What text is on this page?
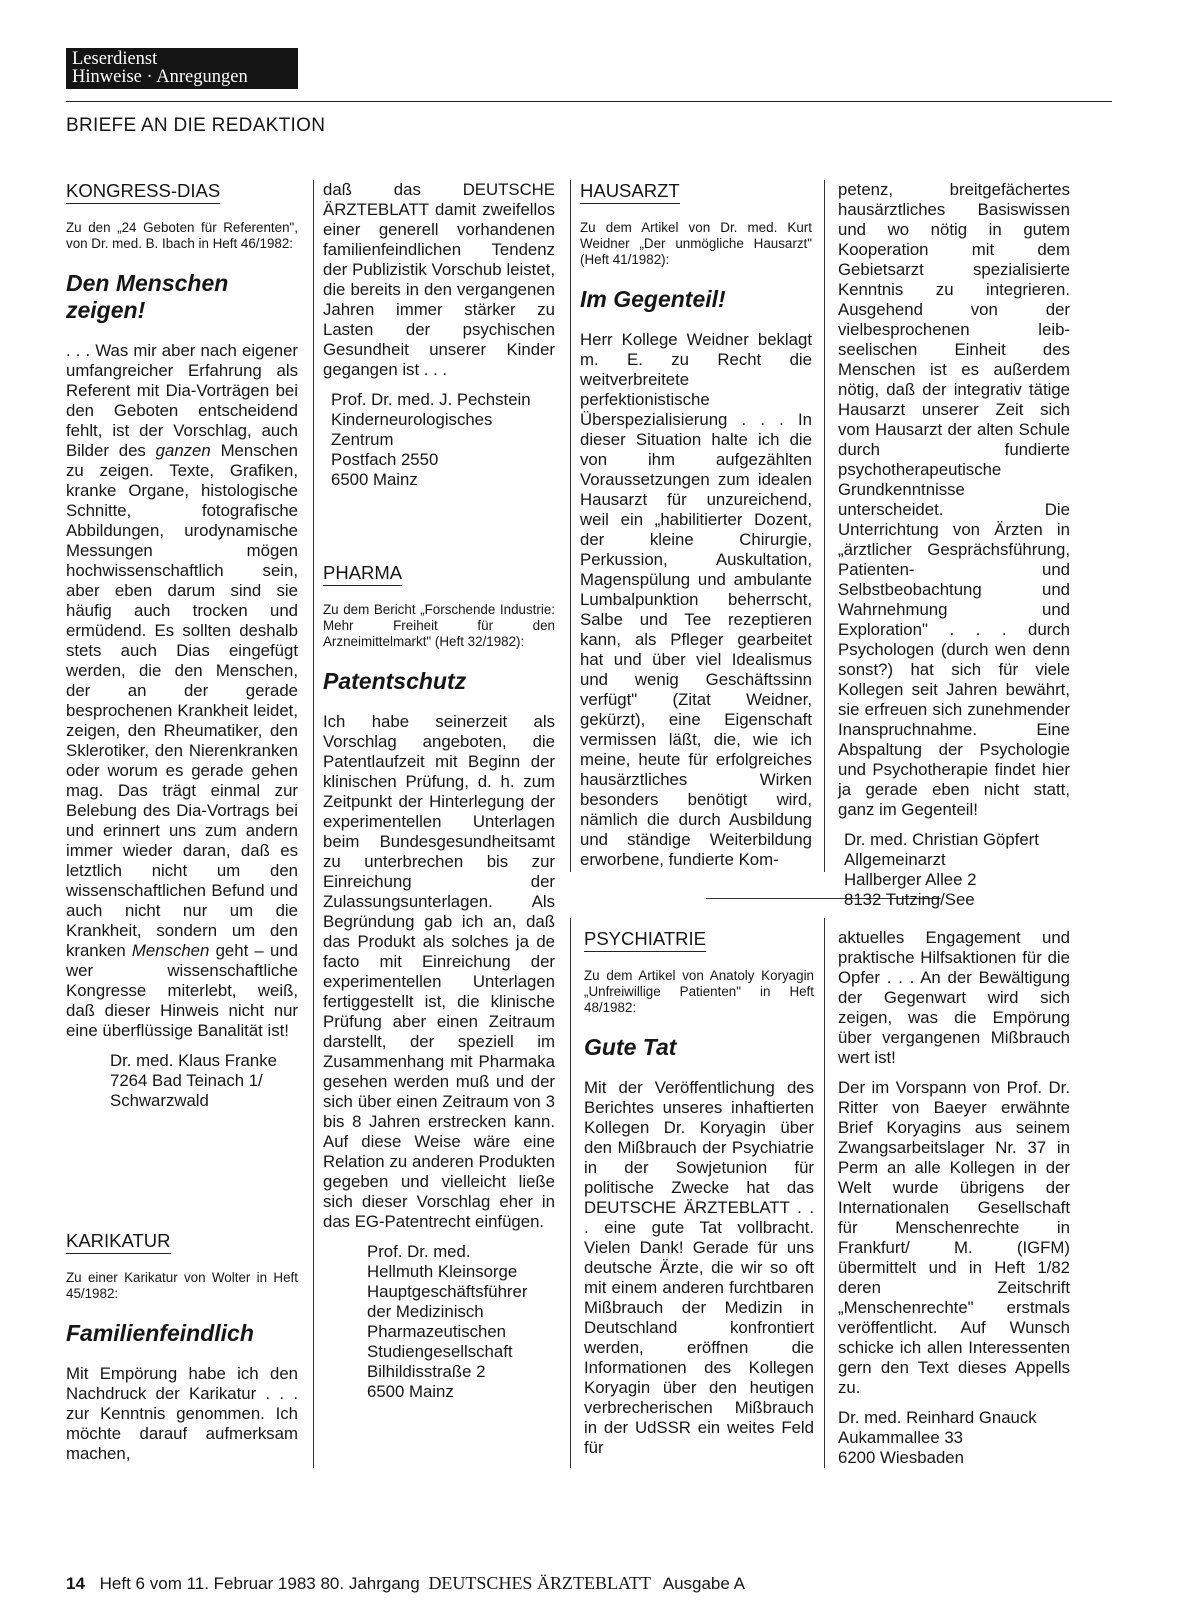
Leserdienst
Hinweise · Anregungen
BRIEFE AN DIE REDAKTION
KONGRESS-DIAS

Zu den „24 Geboten für Referenten", von Dr. med. B. Ibach in Heft 46/1982:

Den Menschen zeigen!

. . . Was mir aber nach eigener umfangreicher Erfahrung als Referent mit Dia-Vorträgen bei den Geboten entscheidend fehlt, ist der Vorschlag, auch Bilder des ganzen Menschen zu zeigen. Texte, Grafiken, kranke Organe, histologische Schnitte, fotografische Abbildungen, urodynamische Messungen mögen hochwissenschaftlich sein, aber eben darum sind sie häufig auch trocken und ermüdend. Es sollten deshalb stets auch Dias eingefügt werden, die den Menschen, der an der gerade besprochenen Krankheit leidet, zeigen, den Rheumatiker, den Sklerotiker, den Nierenkranken oder worum es gerade gehen mag. Das trägt einmal zur Belebung des Dia-Vortrags bei und erinnert uns zum andern immer wieder daran, daß es letztlich nicht um den wissenschaftlichen Befund und auch nicht nur um die Krankheit, sondern um den kranken Menschen geht – und wer wissenschaftliche Kongresse miterlebt, weiß, daß dieser Hinweis nicht nur eine überflüssige Banalität ist!

Dr. med. Klaus Franke
7264 Bad Teinach 1/
Schwarzwald
KARIKATUR

Zu einer Karikatur von Wolter in Heft 45/1982:

Familienfeindlich

Mit Empörung habe ich den Nachdruck der Karikatur . . . zur Kenntnis genommen. Ich möchte darauf aufmerksam machen,

daß das DEUTSCHE ÄRZTEBLATT damit zweifellos einer generell vorhandenen familienfeindlichen Tendenz der Publizistik Vorschub leistet, die bereits in den vergangenen Jahren immer stärker zu Lasten der psychischen Gesundheit unserer Kinder gegangen ist . . .

Prof. Dr. med. J. Pechstein
Kinderneurologisches
Zentrum
Postfach 2550
6500 Mainz
PHARMA

Zu dem Bericht „Forschende Industrie: Mehr Freiheit für den Arzneimittelmarkt" (Heft 32/1982):

Patentschutz

Ich habe seinerzeit als Vorschlag angeboten, die Patentlaufzeit mit Beginn der klinischen Prüfung, d. h. zum Zeitpunkt der Hinterlegung der experimentellen Unterlagen beim Bundesgesundheitsamt zu unterbrechen bis zur Einreichung der Zulassungsunterlagen. Als Begründung gab ich an, daß das Produkt als solches ja de facto mit Einreichung der experimentellen Unterlagen fertiggestellt ist, die klinische Prüfung aber einen Zeitraum darstellt, der speziell im Zusammenhang mit Pharmaka gesehen werden muß und der sich über einen Zeitraum von 3 bis 8 Jahren erstrecken kann. Auf diese Weise wäre eine Relation zu anderen Produkten gegeben und vielleicht ließe sich dieser Vorschlag eher in das EG-Patentrecht einfügen.

Prof. Dr. med.
Hellmuth Kleinsorge
Hauptgeschäftsführer
der Medizinisch
Pharmazeutischen
Studiengesellschaft
Bilhildisstraße 2
6500 Mainz
HAUSARZT

Zu dem Artikel von Dr. med. Kurt Weidner „Der unmögliche Hausarzt" (Heft 41/1982):

Im Gegenteil!

Herr Kollege Weidner beklagt m. E. zu Recht die weitverbreitete perfektionistische Überspezialisierung . . . In dieser Situation halte ich die von ihm aufgezählten Voraussetzungen zum idealen Hausarzt für unzureichend, weil ein „habilitierter Dozent, der kleine Chirurgie, Perkussion, Auskultation, Magenspülung und ambulante Lumbalpunktion beherrscht, Salbe und Tee rezeptieren kann, als Pfleger gearbeitet hat und über viel Idealismus und wenig Geschäftssinn verfügt" (Zitat Weidner, gekürzt), eine Eigenschaft vermissen läßt, die, wie ich meine, heute für erfolgreiches hausärztliches Wirken besonders benötigt wird, nämlich die durch Ausbildung und ständige Weiterbildung erworbene, fundierte Kom-

petenz, breitgefächertes hausärztliches Basiswissen und wo nötig in gutem Kooperation mit dem Gebietsarzt spezialisierte Kenntnis zu integrieren. Ausgehend von der vielbesprochenen leib-seelischen Einheit des Menschen ist es außerdem nötig, daß der integrativ tätige Hausarzt unserer Zeit sich vom Hausarzt der alten Schule durch fundierte psychotherapeutische Grundkenntnisse unterscheidet. Die Unterrichtung von Ärzten in „ärztlicher Gesprächsführung, Patienten- und Selbstbeobachtung und Wahrnehmung und Exploration" . . . durch Psychologen (durch wen denn sonst?) hat sich für viele Kollegen seit Jahren bewährt, sie erfreuen sich zunehmender Inanspruchnahme. Eine Abspaltung der Psychologie und Psychotherapie findet hier ja gerade eben nicht statt, ganz im Gegenteil!

Dr. med. Christian Göpfert
Allgemeinarzt
Hallberger Allee 2
8132 Tutzing/See
PSYCHIATRIE

Zu dem Artikel von Anatoly Koryagin „Unfreiwillige Patienten" in Heft 48/1982:

Gute Tat

Mit der Veröffentlichung des Berichtes unseres inhaftierten Kollegen Dr. Koryagin über den Mißbrauch der Psychiatrie in der Sowjetunion für politische Zwecke hat das DEUTSCHE ÄRZTEBLATT . . . eine gute Tat vollbracht. Vielen Dank! Gerade für uns deutsche Ärzte, die wir so oft mit einem anderen furchtbaren Mißbrauch der Medizin in Deutschland konfrontiert werden, eröffnen die Informationen des Kollegen Koryagin über den heutigen verbrecherischen Mißbrauch in der UdSSR ein weites Feld für

aktuelles Engagement und praktische Hilfsaktionen für die Opfer . . . An der Bewältigung der Gegenwart wird sich zeigen, was die Empörung über vergangenen Mißbrauch wert ist!

Der im Vorspann von Prof. Dr. Ritter von Baeyer erwähnte Brief Koryagins aus seinem Zwangsarbeitslager Nr. 37 in Perm an alle Kollegen in der Welt wurde übrigens der Internationalen Gesellschaft für Menschenrechte in Frankfurt/ M. (IGFM) übermittelt und in Heft 1/82 deren Zeitschrift „Menschenrechte" erstmals veröffentlicht. Auf Wunsch schicke ich allen Interessenten gern den Text dieses Appells zu.

Dr. med. Reinhard Gnauck
Aukammallee 33
6200 Wiesbaden
14 Heft 6 vom 11. Februar 1983 80. Jahrgang DEUTSCHES ÄRZTEBLATT Ausgabe A
